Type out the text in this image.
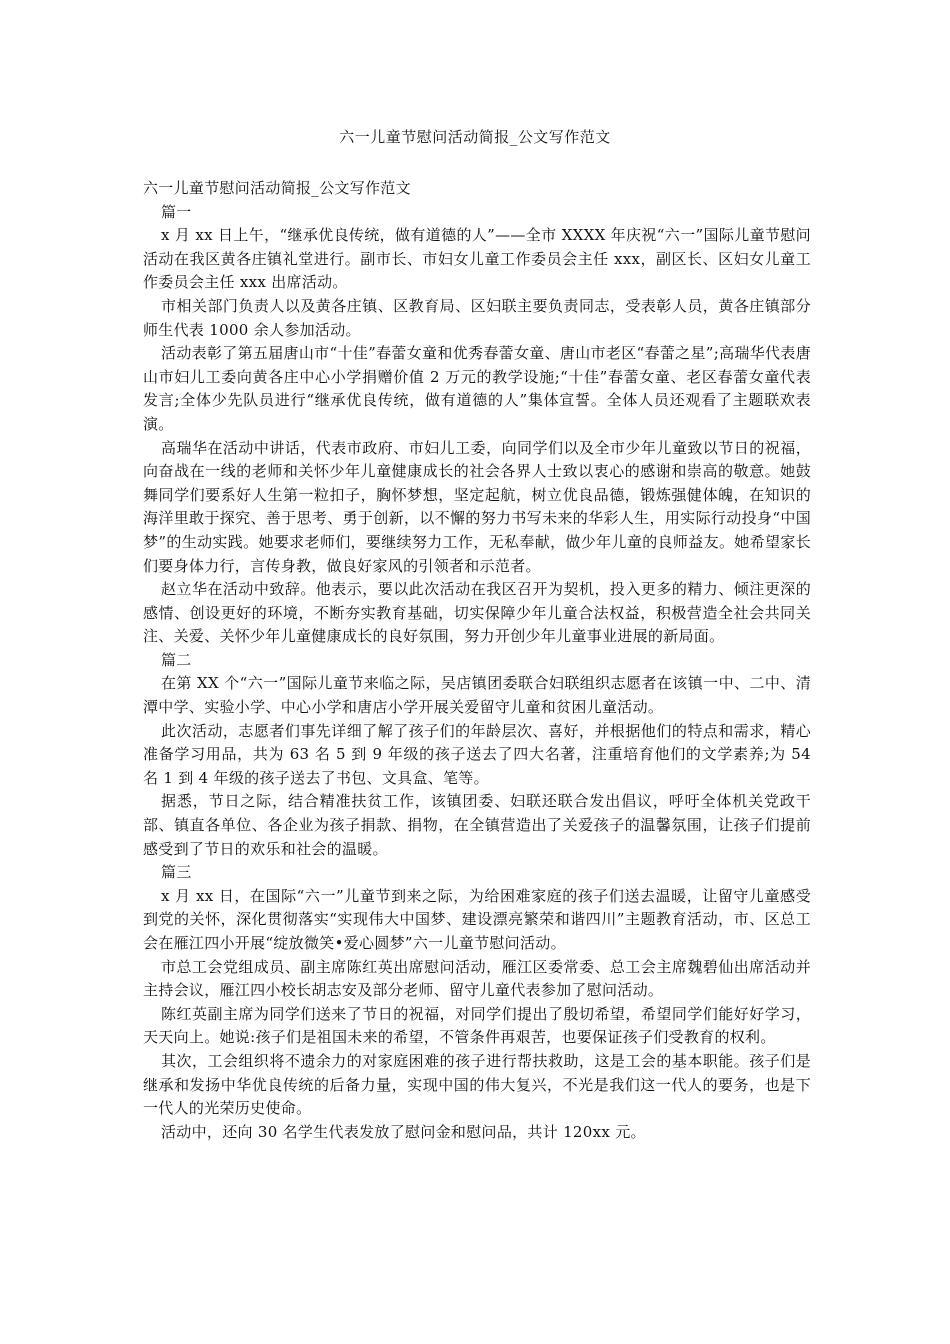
六一儿童节慰问活动简报_公文写作范文

六一儿童节慰问活动简报_公文写作范文

篇一

x 月 xx 日上午，“继承优良传统，做有道德的人”——全市 XXXX 年庆祝“六一”国际儿童节慰问活动在我区黄各庄镇礼堂进行。副市长、市妇女儿童工作委员会主任 xxx，副区长、区妇女儿童工作委员会主任 xxx 出席活动。

市相关部门负责人以及黄各庄镇、区教育局、区妇联主要负责同志，受表彰人员，黄各庄镇部分师生代表 1000 余人参加活动。

活动表彰了第五届唐山市“十佳”春蕾女童和优秀春蕾女童、唐山市老区“春蕾之星”;高瑞华代表唐山市妇儿工委向黄各庄中心小学捐赠价值 2 万元的教学设施;“十佳”春蕾女童、老区春蕾女童代表发言;全体少先队员进行“继承优良传统，做有道德的人”集体宣誓。全体人员还观看了主题联欢表演。

高瑞华在活动中讲话，代表市政府、市妇儿工委，向同学们以及全市少年儿童致以节日的祝福，向奋战在一线的老师和关怀少年儿童健康成长的社会各界人士致以衷心的感谢和崇高的敬意。她鼓舞同学们要系好人生第一粒扣子，胸怀梦想，坚定起航，树立优良品德，锻炼强健体魄，在知识的海洋里敢于探究、善于思考、勇于创新，以不懈的努力书写未来的华彩人生，用实际行动投身“中国梦”的生动实践。她要求老师们，要继续努力工作，无私奉献，做少年儿童的良师益友。她希望家长们要身体力行，言传身教，做良好家风的引领者和示范者。

赵立华在活动中致辞。他表示，要以此次活动在我区召开为契机，投入更多的精力、倾注更深的感情、创设更好的环境，不断夯实教育基础，切实保障少年儿童合法权益，积极营造全社会共同关注、关爱、关怀少年儿童健康成长的良好氛围，努力开创少年儿童事业进展的新局面。

篇二

在第 XX 个“六一”国际儿童节来临之际，吴店镇团委联合妇联组织志愿者在该镇一中、二中、清潭中学、实验小学、中心小学和唐店小学开展关爱留守儿童和贫困儿童活动。

此次活动，志愿者们事先详细了解了孩子们的年龄层次、喜好，并根据他们的特点和需求，精心准备学习用品，共为 63 名 5 到 9 年级的孩子送去了四大名著，注重培育他们的文学素养;为 54 名 1 到 4 年级的孩子送去了书包、文具盒、笔等。

据悉，节日之际，结合精准扶贫工作，该镇团委、妇联还联合发出倡议，呼吁全体机关党政干部、镇直各单位、各企业为孩子捐款、捐物，在全镇营造出了关爱孩子的温馨氛围，让孩子们提前感受到了节日的欢乐和社会的温暖。

篇三

x 月 xx 日，在国际“六一”儿童节到来之际，为给困难家庭的孩子们送去温暖，让留守儿童感受到党的关怀，深化贯彻落实“实现伟大中国梦、建设漂亮繁荣和谐四川”主题教育活动，市、区总工会在雁江四小开展“绽放微笑•爱心圆梦”六一儿童节慰问活动。

市总工会党组成员、副主席陈红英出席慰问活动，雁江区委常委、总工会主席魏碧仙出席活动并主持会议，雁江四小校长胡志安及部分老师、留守儿童代表参加了慰问活动。

陈红英副主席为同学们送来了节日的祝福，对同学们提出了殷切希望，希望同学们能好好学习，天天向上。她说:孩子们是祖国未来的希望，不管条件再艰苦，也要保证孩子们受教育的权利。

其次，工会组织将不遗余力的对家庭困难的孩子进行帮扶救助，这是工会的基本职能。孩子们是继承和发扬中华优良传统的后备力量，实现中国的伟大复兴，不光是我们这一代人的要务，也是下一代人的光荣历史使命。

活动中，还向 30 名学生代表发放了慰问金和慰问品，共计 120xx 元。
